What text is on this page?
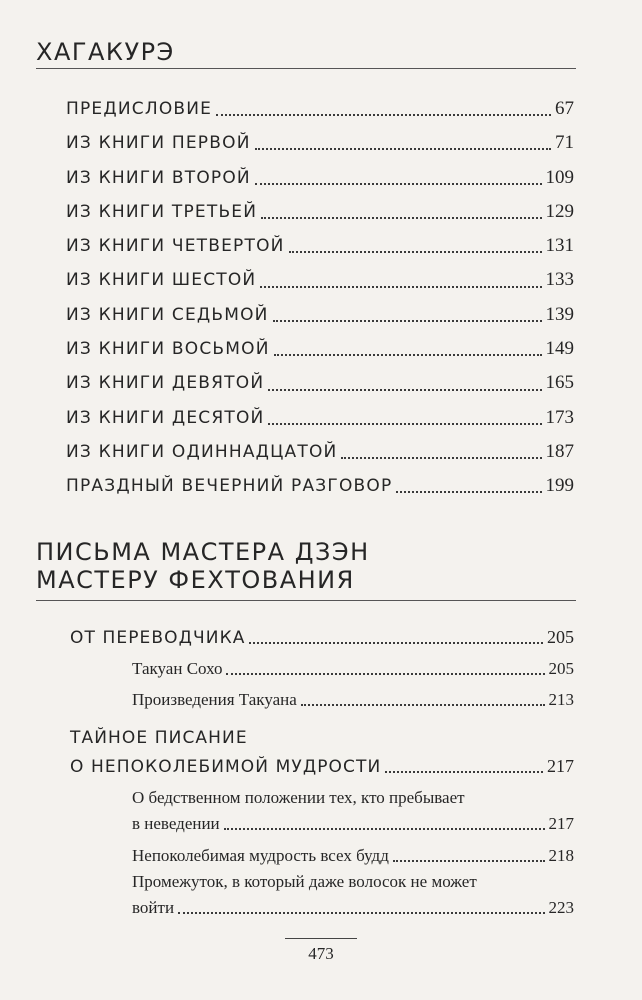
ХАГАКУРЭ
ПРЕДИСЛОВИЕ	67
ИЗ КНИГИ ПЕРВОЙ	71
ИЗ КНИГИ ВТОРОЙ	109
ИЗ КНИГИ ТРЕТЬЕЙ	129
ИЗ КНИГИ ЧЕТВЕРТОЙ	131
ИЗ КНИГИ ШЕСТОЙ	133
ИЗ КНИГИ СЕДЬМОЙ	139
ИЗ КНИГИ ВОСЬМОЙ	149
ИЗ КНИГИ ДЕВЯТОЙ	165
ИЗ КНИГИ ДЕСЯТОЙ	173
ИЗ КНИГИ ОДИННАДЦАТОЙ	187
ПРАЗДНЫЙ ВЕЧЕРНИЙ РАЗГОВОР	199
ПИСЬМА МАСТЕРА ДЗЭН
МАСТЕРУ ФЕХТОВАНИЯ
ОТ ПЕРЕВОДЧИКА	205
Такуан Сохо	205
Произведения Такуана	213
ТАЙНОЕ ПИСАНИЕ
О НЕПОКОЛЕБИМОЙ МУДРОСТИ	217
О бедственном положении тех, кто пребывает
в неведении	217
Непоколебимая мудрость всех будд	218
Промежуток, в который даже волосок не может
войти	223
473
